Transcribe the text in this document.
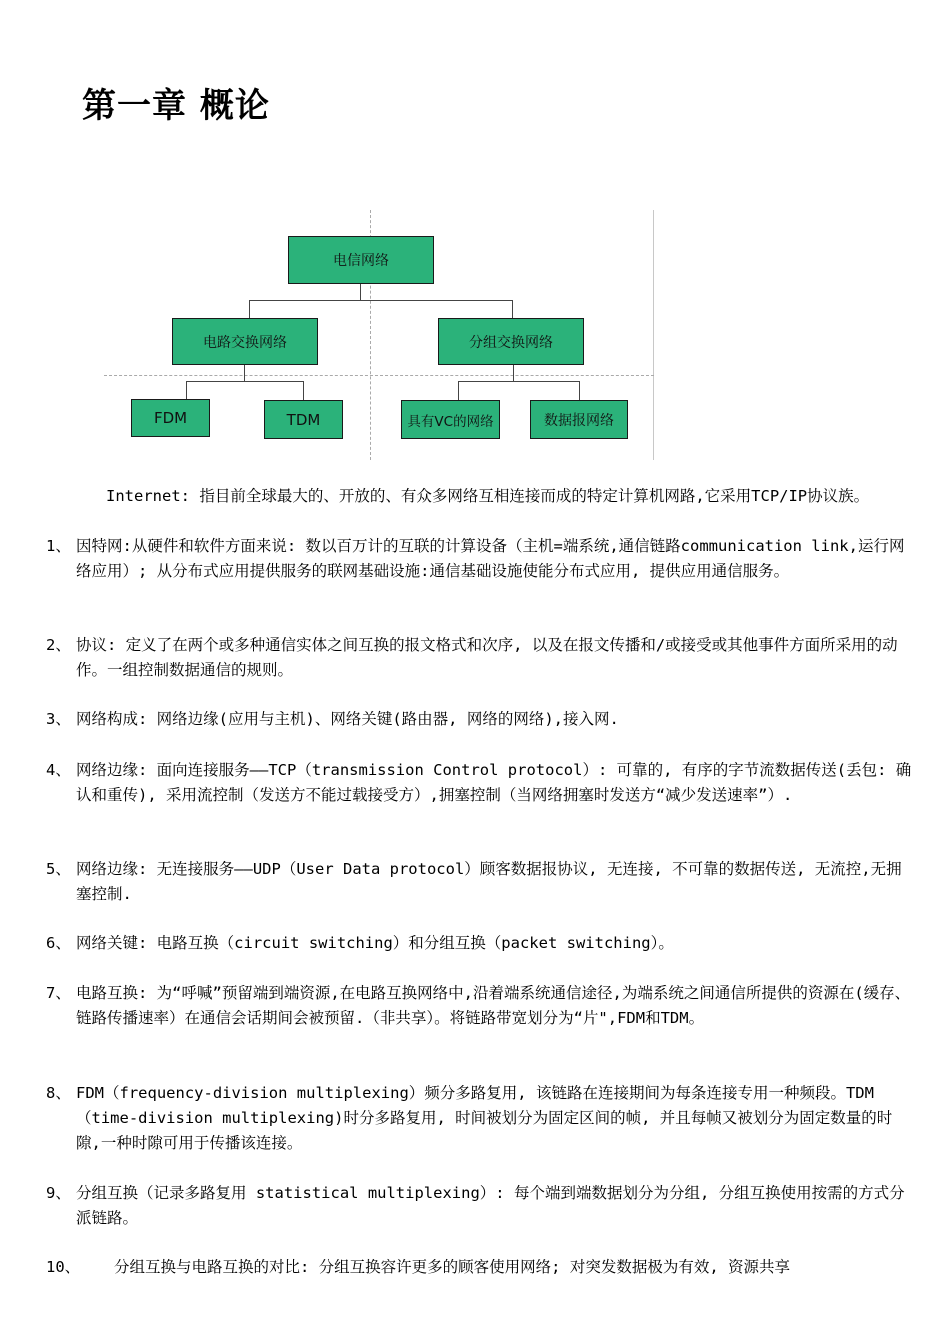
第一章 概论
电信网络
电路交换网络	分组交换网络
FDM	TDM	具有VC的网络	数据报网络
Internet: 指目前全球最大的、开放的、有众多网络互相连接而成的特定计算机网路,它采用TCP/IP协议族。
1、 因特网:从硬件和软件方面来说: 数以百万计的互联的计算设备（主机=端系统,通信链路communication link,运行网络应用）; 从分布式应用提供服务的联网基础设施:通信基础设施使能分布式应用, 提供应用通信服务。
2、 协议: 定义了在两个或多种通信实体之间互换的报文格式和次序, 以及在报文传播和/或接受或其他事件方面所采用的动作。一组控制数据通信的规则。
3、 网络构成: 网络边缘(应用与主机)、网络关键(路由器, 网络的网络),接入网.
4、 网络边缘: 面向连接服务——TCP（transmission Control protocol）: 可靠的, 有序的字节流数据传送(丢包: 确认和重传), 采用流控制（发送方不能过载接受方）,拥塞控制（当网络拥塞时发送方“减少发送速率”）.
5、 网络边缘: 无连接服务——UDP（User Data protocol）顾客数据报协议, 无连接, 不可靠的数据传送, 无流控,无拥塞控制.
6、 网络关键: 电路互换（circuit switching）和分组互换（packet switching）。
7、 电路互换: 为“呼喊”预留端到端资源,在电路互换网络中,沿着端系统通信途径,为端系统之间通信所提供的资源在(缓存、链路传播速率）在通信会话期间会被预留.（非共享）。将链路带宽划分为“片",FDM和TDM。
8、 FDM（frequency-division multiplexing）频分多路复用, 该链路在连接期间为每条连接专用一种频段。TDM（time-division multiplexing)时分多路复用, 时间被划分为固定区间的帧, 并且每帧又被划分为固定数量的时隙,一种时隙可用于传播该连接。
9、 分组互换（记录多路复用 statistical multiplexing）: 每个端到端数据划分为分组, 分组互换使用按需的方式分派链路。
10、 分组互换与电路互换的对比: 分组互换容许更多的顾客使用网络; 对突发数据极为有效, 资源共享
